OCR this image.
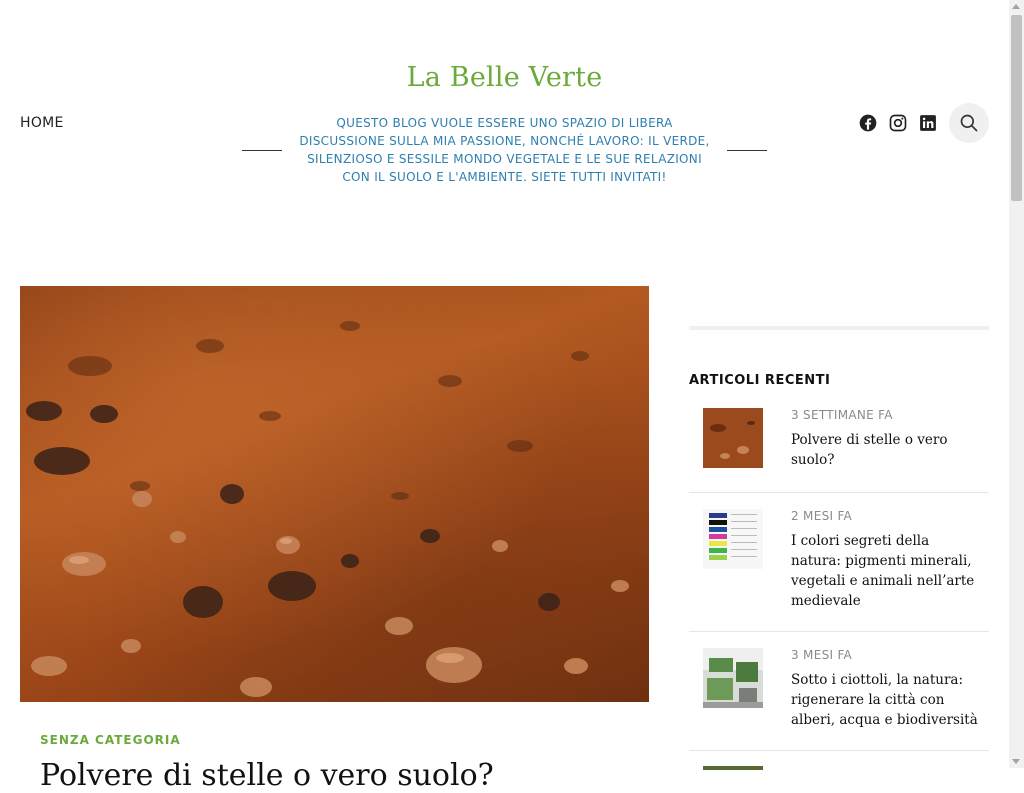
La Belle Verte
HOME	QUESTO BLOG VUOLE ESSERE UNO SPAZIO DI LIBERA DISCUSSIONE SULLA MIA PASSIONE, NONCHÉ LAVORO: IL VERDE, SILENZIOSO E SESSILE MONDO VEGETALE E LE SUE RELAZIONI CON IL SUOLO E L'AMBIENTE. SIETE TUTTI INVITATI!
SENZA CATEGORIA
Polvere di stelle o vero suolo?
ARTICOLI RECENTI
3 SETTIMANE FA
Polvere di stelle o vero suolo?
2 MESI FA
I colori segreti della natura: pigmenti minerali, vegetali e animali nell’arte medievale
3 MESI FA
Sotto i ciottoli, la natura: rigenerare la città con alberi, acqua e biodiversità
